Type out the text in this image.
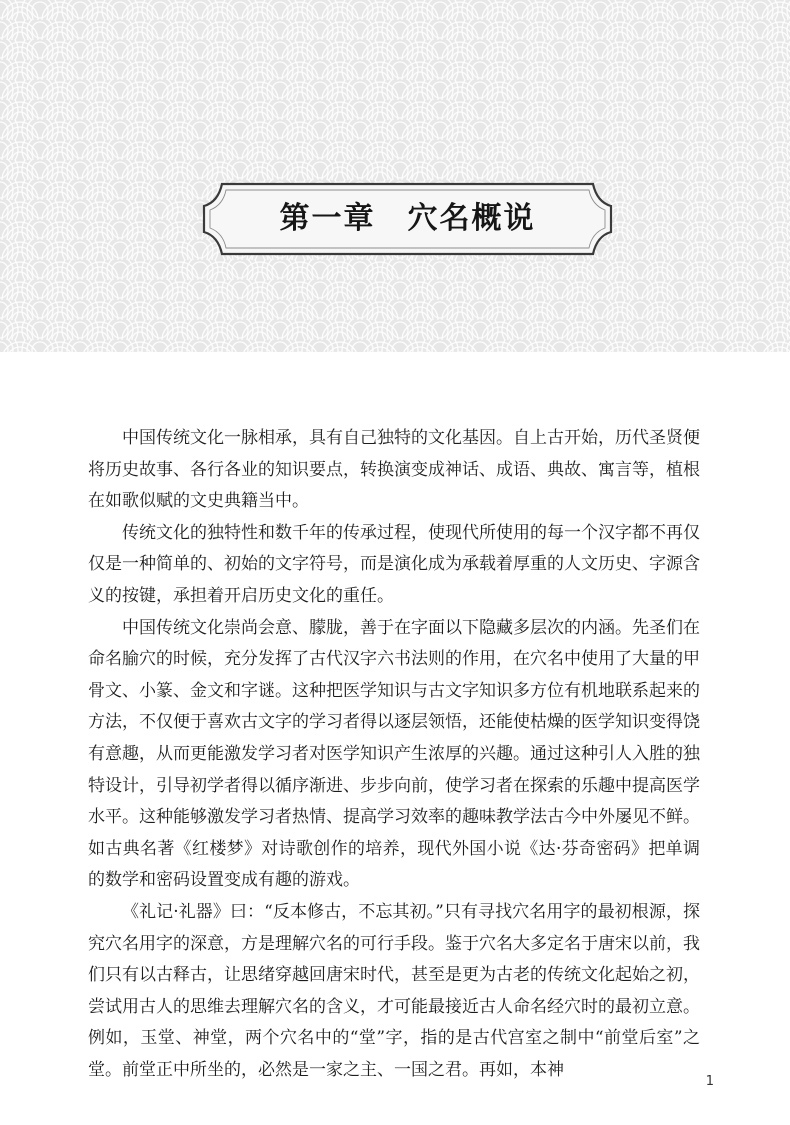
第一章　穴名概说

中国传统文化一脉相承，具有自己独特的文化基因。自上古开始，历代圣贤便将历史故事、各行各业的知识要点，转换演变成神话、成语、典故、寓言等，植根在如歌似赋的文史典籍当中。

传统文化的独特性和数千年的传承过程，使现代所使用的每一个汉字都不再仅仅是一种简单的、初始的文字符号，而是演化成为承载着厚重的人文历史、字源含义的按键，承担着开启历史文化的重任。

中国传统文化崇尚会意、朦胧，善于在字面以下隐藏多层次的内涵。先圣们在命名腧穴的时候，充分发挥了古代汉字六书法则的作用，在穴名中使用了大量的甲骨文、小篆、金文和字谜。这种把医学知识与古文字知识多方位有机地联系起来的方法，不仅便于喜欢古文字的学习者得以逐层领悟，还能使枯燥的医学知识变得饶有意趣，从而更能激发学习者对医学知识产生浓厚的兴趣。通过这种引人入胜的独特设计，引导初学者得以循序渐进、步步向前，使学习者在探索的乐趣中提高医学水平。这种能够激发学习者热情、提高学习效率的趣味教学法古今中外屡见不鲜。如古典名著《红楼梦》对诗歌创作的培养，现代外国小说《达·芬奇密码》把单调的数学和密码设置变成有趣的游戏。

《礼记·礼器》曰：“反本修古，不忘其初。”只有寻找穴名用字的最初根源，探究穴名用字的深意，方是理解穴名的可行手段。鉴于穴名大多定名于唐宋以前，我们只有以古释古，让思绪穿越回唐宋时代，甚至是更为古老的传统文化起始之初，尝试用古人的思维去理解穴名的含义，才可能最接近古人命名经穴时的最初立意。例如，玉堂、神堂，两个穴名中的“堂”字，指的是古代宫室之制中“前堂后室”之堂。前堂正中所坐的，必然是一家之主、一国之君。再如，本神

1
